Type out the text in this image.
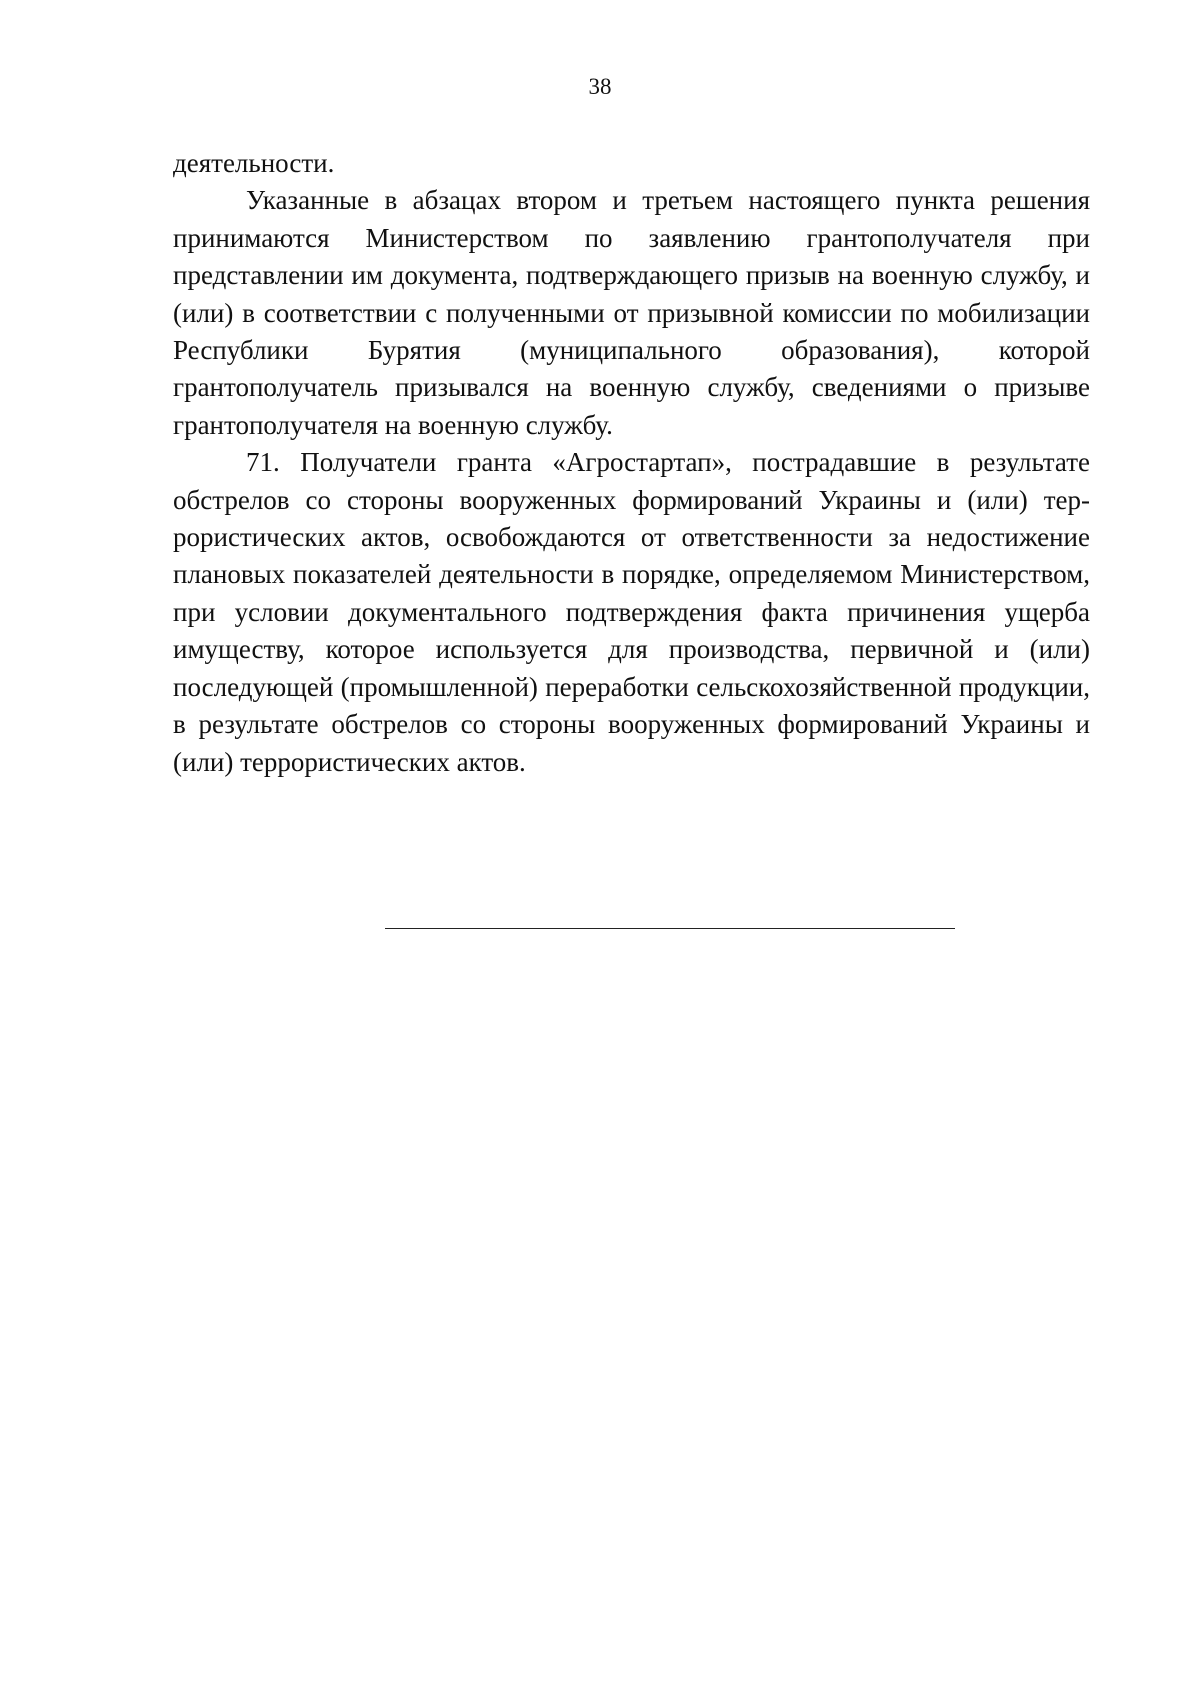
38

деятельности.

Указанные в абзацах втором и третьем настоящего пункта решения принимаются Министерством по заявлению грантополучателя при представлении им документа, подтверждающего призыв на военную службу, и (или) в соответствии с полученными от призывной комиссии по мобилизации Республики Бурятия (муниципального образования), которой грантополучатель призывался на военную службу, сведениями о призыве грантополучателя на военную службу.

71. Получатели гранта «Агростартап», пострадавшие в результате обстрелов со стороны вооруженных формирований Украины и (или) террористических актов, освобождаются от ответственности за недостижение плановых показателей деятельности в порядке, определяемом Министерством, при условии документального подтверждения факта причинения ущерба имуществу, которое используется для производства, первичной и (или) последующей (промышленной) переработки сельскохозяйственной продукции, в результате обстрелов со стороны вооруженных формирований Украины и (или) террористических актов.
